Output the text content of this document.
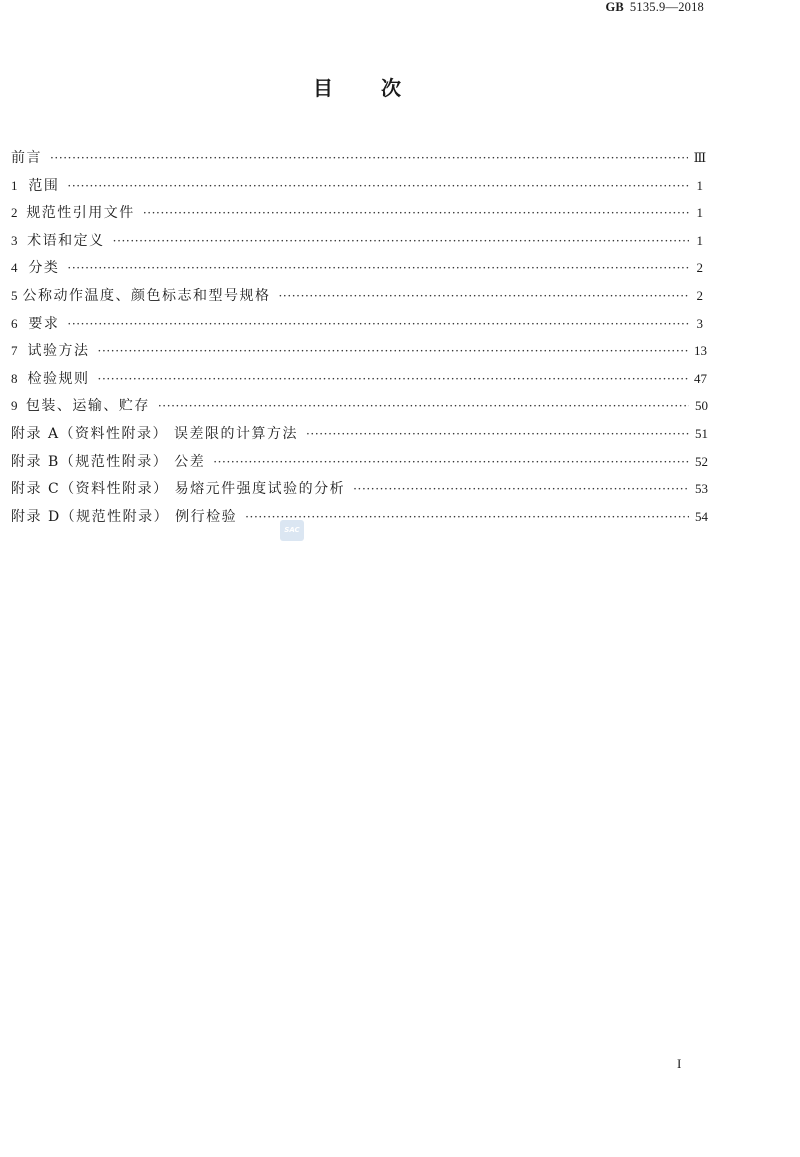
GB 5135.9—2018
目次
前言 ·····	Ⅲ
1 范围 ·····	1
2 规范性引用文件 ·····	1
3 术语和定义 ·····	1
4 分类 ·····	2
5 公称动作温度、颜色标志和型号规格 ·····	2
6 要求 ·····	3
7 试验方法 ·····	13
8 检验规则 ·····	47
9 包装、运输、贮存 ·····	50
附录 A（资料性附录） 误差限的计算方法 ·····	51
附录 B（规范性附录） 公差 ·····	52
附录 C（资料性附录） 易熔元件强度试验的分析 ·····	53
附录 D（规范性附录） 例行检验 ·····	54
SAC
I
